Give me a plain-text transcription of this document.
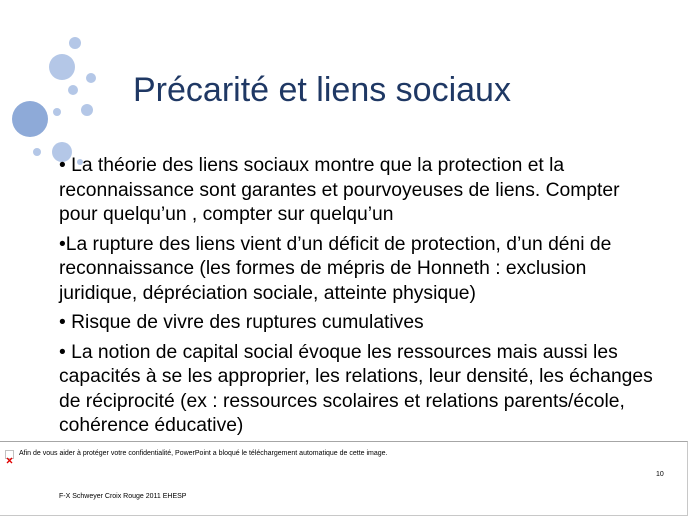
Précarité et liens sociaux

• La théorie des liens sociaux montre que la protection et la reconnaissance sont garantes et pourvoyeuses de liens. Compter pour quelqu’un , compter sur quelqu’un

•La rupture des liens vient d’un déficit de protection, d’un déni de reconnaissance (les formes de mépris de Honneth : exclusion juridique, dépréciation sociale, atteinte physique)

• Risque de vivre des ruptures cumulatives

• La notion de capital social évoque les ressources mais aussi les capacités à se les approprier, les relations, leur densité, les échanges de réciprocité (ex : ressources scolaires et relations parents/école, cohérence éducative)

Afin de vous aider à protéger votre confidentialité, PowerPoint a bloqué le téléchargement automatique de cette image.
10
F-X Schweyer Croix Rouge 2011 EHESP
